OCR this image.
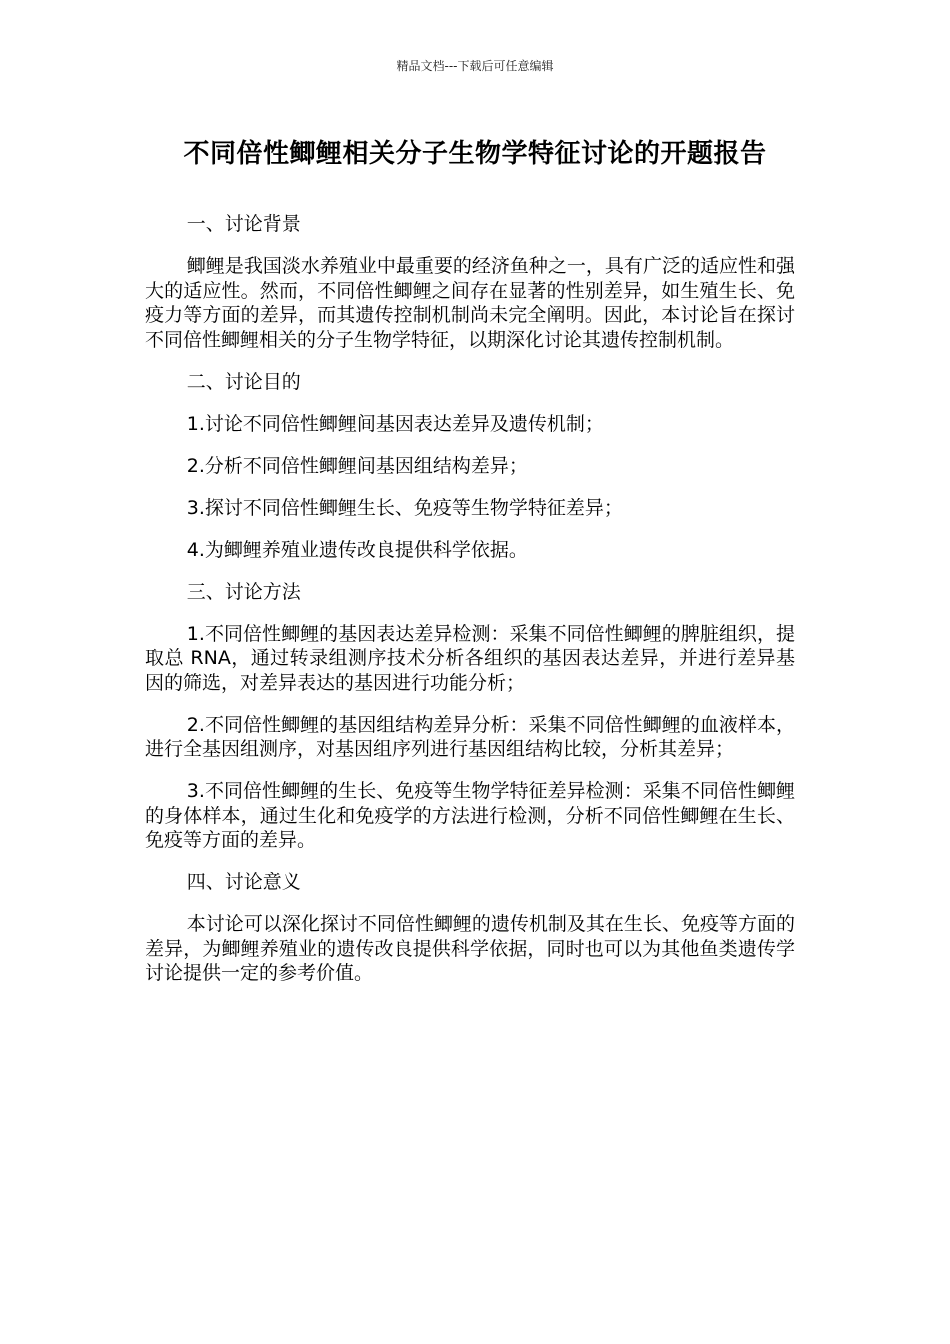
精品文档---下载后可任意编辑
不同倍性鲫鲤相关分子生物学特征讨论的开题报告

一、讨论背景

鲫鲤是我国淡水养殖业中最重要的经济鱼种之一，具有广泛的适应性和强大的适应性。然而，不同倍性鲫鲤之间存在显著的性别差异，如生殖生长、免疫力等方面的差异，而其遗传控制机制尚未完全阐明。因此，本讨论旨在探讨不同倍性鲫鲤相关的分子生物学特征，以期深化讨论其遗传控制机制。

二、讨论目的

1.讨论不同倍性鲫鲤间基因表达差异及遗传机制；

2.分析不同倍性鲫鲤间基因组结构差异；

3.探讨不同倍性鲫鲤生长、免疫等生物学特征差异；

4.为鲫鲤养殖业遗传改良提供科学依据。

三、讨论方法

1.不同倍性鲫鲤的基因表达差异检测：采集不同倍性鲫鲤的脾脏组织，提取总 RNA，通过转录组测序技术分析各组织的基因表达差异，并进行差异基因的筛选，对差异表达的基因进行功能分析；

2.不同倍性鲫鲤的基因组结构差异分析：采集不同倍性鲫鲤的血液样本，进行全基因组测序，对基因组序列进行基因组结构比较，分析其差异；

3.不同倍性鲫鲤的生长、免疫等生物学特征差异检测：采集不同倍性鲫鲤的身体样本，通过生化和免疫学的方法进行检测，分析不同倍性鲫鲤在生长、免疫等方面的差异。

四、讨论意义

本讨论可以深化探讨不同倍性鲫鲤的遗传机制及其在生长、免疫等方面的差异，为鲫鲤养殖业的遗传改良提供科学依据，同时也可以为其他鱼类遗传学讨论提供一定的参考价值。
